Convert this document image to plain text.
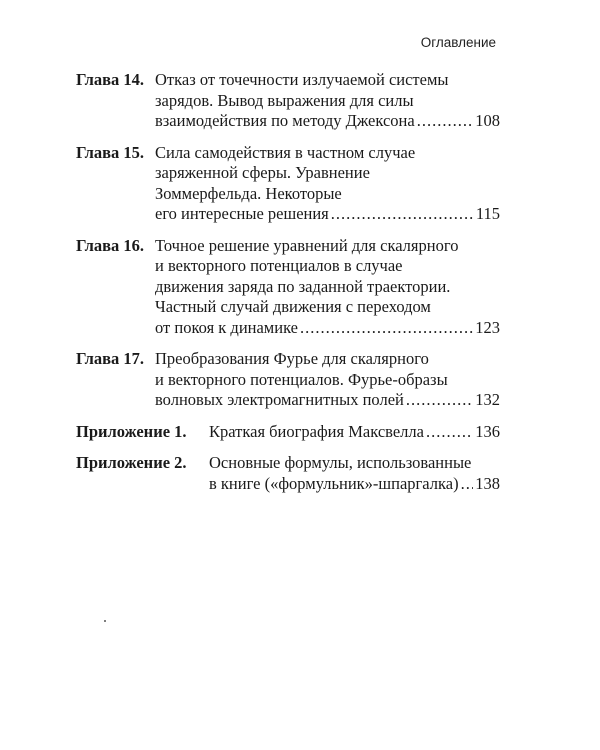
Оглавление
Глава 14. Отказ от точечности излучаемой системы
зарядов. Вывод выражения для силы
взаимодействия по методу Джексона .....	108
Глава 15. Сила самодействия в частном случае
заряженной сферы. Уравнение
Зоммерфельда. Некоторые
его интересные решения .....	115
Глава 16. Точное решение уравнений для скалярного
и векторного потенциалов в случае
движения заряда по заданной траектории.
Частный случай движения с переходом
от покоя к динамике .....	123
Глава 17. Преобразования Фурье для скалярного
и векторного потенциалов. Фурье-образы
волновых электромагнитных полей .....	132
Приложение 1.	Краткая биография Максвелла .....	136
Приложение 2.	Основные формулы, использованные
в книге («формульник»-шпаргалка) ..... 138
